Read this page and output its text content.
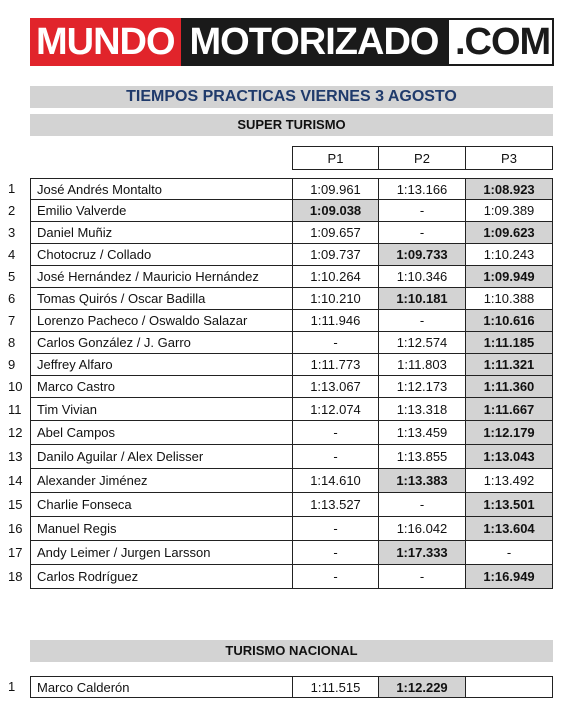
MUNDO MOTORIZADO .COM
TIEMPOS PRACTICAS VIERNES 3 AGOSTO
SUPER TURISMO
P1	P2	P3
1	José Andrés Montalto	1:09.961	1:13.166	1:08.923
2	Emilio Valverde	1:09.038	-	1:09.389
3	Daniel Muñiz	1:09.657	-	1:09.623
4	Chotocruz / Collado	1:09.737	1:09.733	1:10.243
5	José Hernández / Mauricio Hernández	1:10.264	1:10.346	1:09.949
6	Tomas Quirós / Oscar Badilla	1:10.210	1:10.181	1:10.388
7	Lorenzo Pacheco / Oswaldo Salazar	1:11.946	-	1:10.616
8	Carlos González / J. Garro	-	1:12.574	1:11.185
9	Jeffrey Alfaro	1:11.773	1:11.803	1:11.321
10	Marco Castro	1:13.067	1:12.173	1:11.360
11	Tim Vivian	1:12.074	1:13.318	1:11.667
12	Abel Campos	-	1:13.459	1:12.179
13	Danilo Aguilar / Alex Delisser	-	1:13.855	1:13.043
14	Alexander Jiménez	1:14.610	1:13.383	1:13.492
15	Charlie Fonseca	1:13.527	-	1:13.501
16	Manuel Regis	-	1:16.042	1:13.604
17	Andy Leimer / Jurgen Larsson	-	1:17.333	-
18	Carlos Rodríguez	-	-	1:16.949
TURISMO NACIONAL
1	Marco Calderón	1:11.515	1:12.229
